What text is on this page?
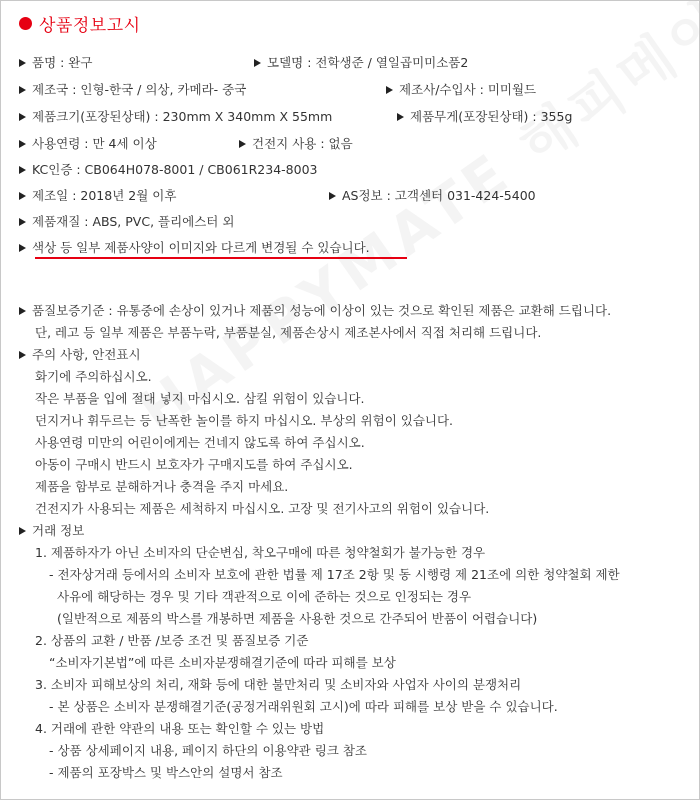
상품정보고시
품명 : 완구	모델명 : 전학생준 / 열일곱미미소품2
제조국 : 인형-한국 / 의상, 카메라- 중국	제조사/수입사 : 미미월드
제품크기(포장된상태) : 230mm X 340mm X 55mm	제품무게(포장된상태) : 355g
사용연령 : 만 4세 이상	건전지 사용 : 없음
KC인증 : CB064H078-8001 / CB061R234-8003
제조일 : 2018년 2월 이후	AS정보 : 고객센터 031-424-5400
제품재질 : ABS, PVC, 플리에스터 외
색상 등 일부 제품사양이 이미지와 다르게 변경될 수 있습니다.
품질보증기준 : 유통중에 손상이 있거나 제품의 성능에 이상이 있는 것으로 확인된 제품은 교환해 드립니다.
단, 레고 등 일부 제품은 부품누락, 부품분실, 제품손상시 제조본사에서 직접 처리해 드립니다.
주의 사항, 안전표시
화기에 주의하십시오.
작은 부품을 입에 절대 넣지 마십시오. 삼킬 위험이 있습니다.
던지거나 휘두르는 등 난폭한 놀이를 하지 마십시오. 부상의 위험이 있습니다.
사용연령 미만의 어린이에게는 건네지 않도록 하여 주십시오.
아동이 구매시 반드시 보호자가 구매지도를 하여 주십시오.
제품을 함부로 분해하거나 충격을 주지 마세요.
건전지가 사용되는 제품은 세척하지 마십시오. 고장 및 전기사고의 위험이 있습니다.
거래 정보
1. 제품하자가 아닌 소비자의 단순변심, 착오구매에 따른 청약철회가 불가능한 경우
- 전자상거래 등에서의 소비자 보호에 관한 법률 제 17조 2항 및 동 시행령 제 21조에 의한 청약철회 제한
사유에 해당하는 경우 및 기타 객관적으로 이에 준하는 것으로 인정되는 경우
(일반적으로 제품의 박스를 개봉하면 제품을 사용한 것으로 간주되어 반품이 어렵습니다)
2. 상품의 교환 / 반품 /보증 조건 및 품질보증 기준
“소비자기본법”에 따른 소비자분쟁해결기준에 따라 피해를 보상
3. 소비자 피해보상의 처리, 재화 등에 대한 불만처리 및 소비자와 사업자 사이의 분쟁처리
- 본 상품은 소비자 분쟁해결기준(공정거래위원회 고시)에 따라 피해를 보상 받을 수 있습니다.
4. 거래에 관한 약관의 내용 또는 확인할 수 있는 방법
- 상품 상세페이지 내용, 페이지 하단의 이용약관 링크 참조
- 제품의 포장박스 및 박스안의 설명서 참조
